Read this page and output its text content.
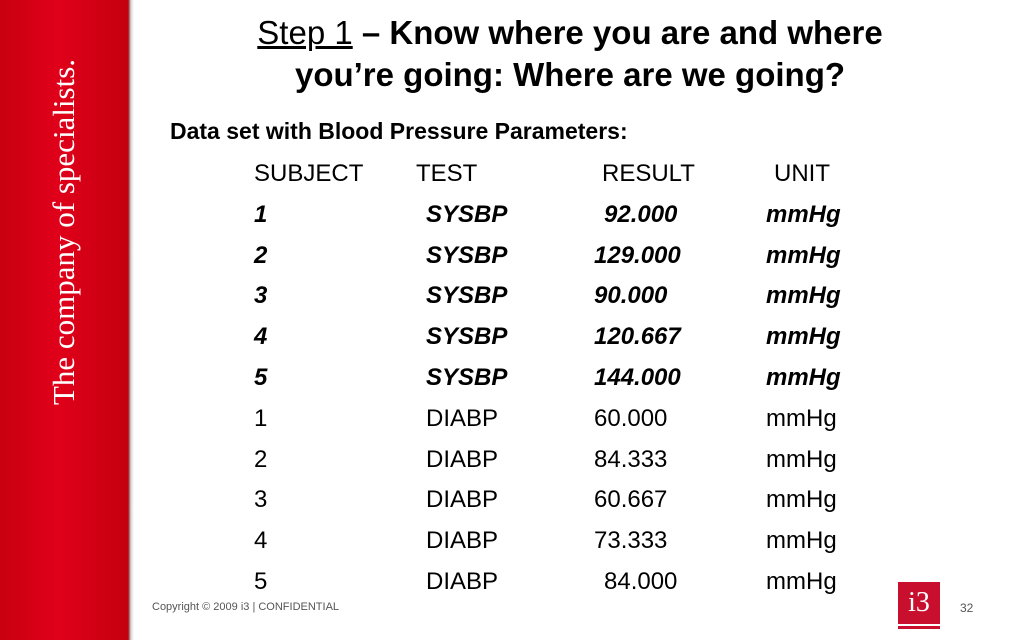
The company of specialists.
Step 1 – Know where you are and where
you’re going: Where are we going?
Data set with Blood Pressure Parameters:
SUBJECT TEST	RESULT	UNIT
1	SYSBP	92.000	mmHg
2	SYSBP	129.000	mmHg
3	SYSBP	90.000	mmHg
4	SYSBP	120.667	mmHg
5	SYSBP	144.000	mmHg
1	DIABP	60.000	mmHg
2	DIABP	84.333	mmHg
3	DIABP	60.667	mmHg
4	DIABP	73.333	mmHg
5	DIABP	84.000	mmHg
Copyright © 2009 i3 | CONFIDENTIAL	i3	32
